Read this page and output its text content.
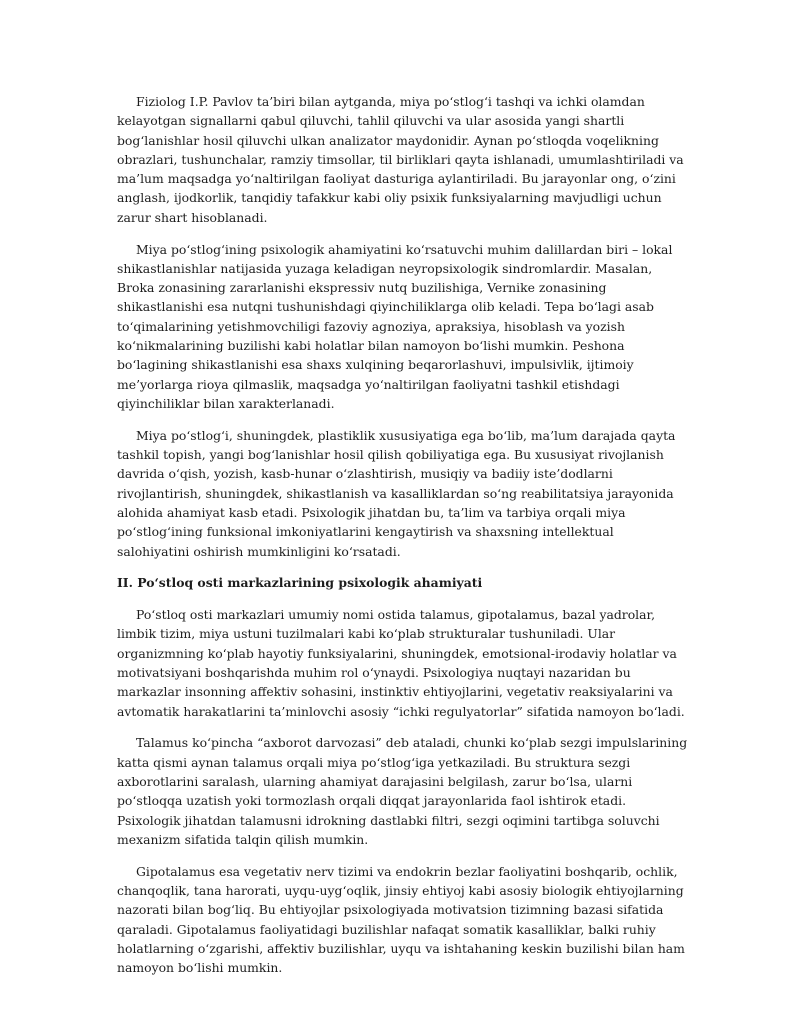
Fiziolog I.P. Pavlov ta’biri bilan aytganda, miya po‘stlog‘i tashqi va ichki olamdan kelayotgan signallarni qabul qiluvchi, tahlil qiluvchi va ular asosida yangi shartli bog‘lanishlar hosil qiluvchi ulkan analizator maydonidir. Aynan po‘stloqda voqelikning obrazlari, tushunchalar, ramziy timsollar, til birliklari qayta ishlanadi, umumlashtiriladi va ma’lum maqsadga yo‘naltirilgan faoliyat dasturiga aylantiriladi. Bu jarayonlar ong, o‘zini anglash, ijodkorlik, tanqidiy tafakkur kabi oliy psixik funksiyalarning mavjudligi uchun zarur shart hisoblanadi.

Miya po‘stlog‘ining psixologik ahamiyatini ko‘rsatuvchi muhim dalillardan biri – lokal shikastlanishlar natijasida yuzaga keladigan neyropsixologik sindromlardir. Masalan, Broka zonasining zararlanishi ekspressiv nutq buzilishiga, Vernike zonasining shikastlanishi esa nutqni tushunishdagi qiyinchiliklarga olib keladi. Tepa bo‘lagi asab to‘qimalarining yetishmovchiligi fazoviy agnoziya, apraksiya, hisoblash va yozish ko‘nikmalarining buzilishi kabi holatlar bilan namoyon bo‘lishi mumkin. Peshona bo‘lagining shikastlanishi esa shaxs xulqining beqarorlashuvi, impulsivlik, ijtimoiy me’yorlarga rioya qilmaslik, maqsadga yo‘naltirilgan faoliyatni tashkil etishdagi qiyinchiliklar bilan xarakterlanadi.

Miya po‘stlog‘i, shuningdek, plastiklik xususiyatiga ega bo‘lib, ma’lum darajada qayta tashkil topish, yangi bog‘lanishlar hosil qilish qobiliyatiga ega. Bu xususiyat rivojlanish davrida o‘qish, yozish, kasb-hunar o‘zlashtirish, musiqiy va badiiy iste’dodlarni rivojlantirish, shuningdek, shikastlanish va kasalliklardan so‘ng reabilitatsiya jarayonida alohida ahamiyat kasb etadi. Psixologik jihatdan bu, ta’lim va tarbiya orqali miya po‘stlog‘ining funksional imkoniyatlarini kengaytirish va shaxsning intellektual salohiyatini oshirish mumkinligini ko‘rsatadi.

II. Po‘stloq osti markazlarining psixologik ahamiyati

Po‘stloq osti markazlari umumiy nomi ostida talamus, gipotalamus, bazal yadrolar, limbik tizim, miya ustuni tuzilmalari kabi ko‘plab strukturalar tushuniladi. Ular organizmning ko‘plab hayotiy funksiyalarini, shuningdek, emotsional-irodaviy holatlar va motivatsiyani boshqarishda muhim rol o‘ynaydi. Psixologiya nuqtayi nazaridan bu markazlar insonning affektiv sohasini, instinktiv ehtiyojlarini, vegetativ reaksiyalarini va avtomatik harakatlarini ta’minlovchi asosiy “ichki regulyatorlar” sifatida namoyon bo‘ladi.

Talamus ko‘pincha “axborot darvozasi” deb ataladi, chunki ko‘plab sezgi impulslarining katta qismi aynan talamus orqali miya po‘stlog‘iga yetkaziladi. Bu struktura sezgi axborotlarini saralash, ularning ahamiyat darajasini belgilash, zarur bo‘lsa, ularni po‘stloqqa uzatish yoki tormozlash orqali diqqat jarayonlarida faol ishtirok etadi. Psixologik jihatdan talamusni idrokning dastlabki filtri, sezgi oqimini tartibga soluvchi mexanizm sifatida talqin qilish mumkin.

Gipotalamus esa vegetativ nerv tizimi va endokrin bezlar faoliyatini boshqarib, ochlik, chanqoqlik, tana harorati, uyqu-uyg‘oqlik, jinsiy ehtiyoj kabi asosiy biologik ehtiyojlarning nazorati bilan bog‘liq. Bu ehtiyojlar psixologiyada motivatsion tizimning bazasi sifatida qaraladi. Gipotalamus faoliyatidagi buzilishlar nafaqat somatik kasalliklar, balki ruhiy holatlarning o‘zgarishi, affektiv buzilishlar, uyqu va ishtahaning keskin buzilishi bilan ham namoyon bo‘lishi mumkin.
